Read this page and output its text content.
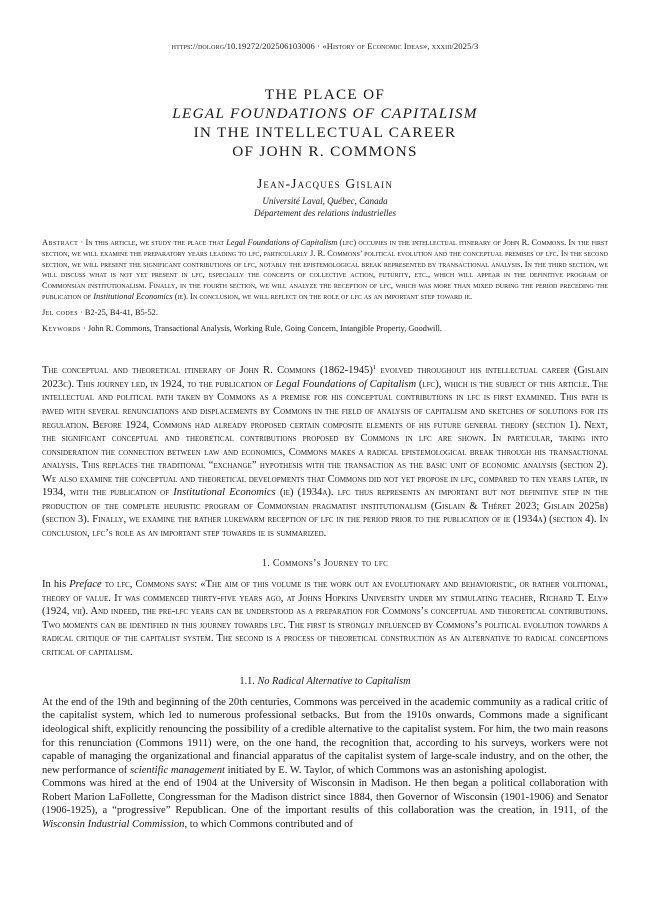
https://doi.org/10.19272/202506103006 · «History of Economic Ideas», xxxiii/2025/3
THE PLACE OF
LEGAL FOUNDATIONS OF CAPITALISM
IN THE INTELLECTUAL CAREER
OF JOHN R. COMMONS
Jean-Jacques Gislain
Université Laval, Québec, Canada
Département des relations industrielles

Abstract · In this article, we study the place that Legal Foundations of Capitalism (lfc) occupies in the intellectual itinerary of John R. Commons. In the first section, we will examine the preparatory years leading to lfc, particularly J. R. Commons’ political evolution and the conceptual premises of lfc. In the second section, we will present the significant contributions of lfc, notably the epistemological break represented by transactional analysis. In the third section, we will discuss what is not yet present in lfc, especially the concepts of collective action, futurity, etc., which will appear in the definitive program of Commonsian institutionalism. Finally, in the fourth section, we will analyze the reception of lfc, which was more than mixed during the period preceding the publication of Institutional Economics (ie). In conclusion, we will reflect on the role of lfc as an important step toward ie.

Jel codes · B2-25, B4-41, B5-52.
Keywords · John R. Commons, Transactional Analysis, Working Rule, Going Concern, Intangible Property, Goodwill.

The conceptual and theoretical itinerary of John R. Commons (1862-1945)$^1$ evolved throughout his intellectual career (Gislain 2023c). This journey led, in 1924, to the publication of Legal Foundations of Capitalism (lfc), which is the subject of this article. The intellectual and political path taken by Commons as a premise for his conceptual contributions in lfc is first examined. This path is paved with several renunciations and displacements by Commons in the field of analysis of capitalism and sketches of solutions for its regulation. Before 1924, Commons had already proposed certain composite elements of his future general theory (section 1). Next, the significant conceptual and theoretical contributions proposed by Commons in lfc are shown. In particular, taking into consideration the connection between law and economics, Commons makes a radical epistemological break through his transactional analysis. This replaces the traditional “exchange” hypothesis with the transaction as the basic unit of economic analysis (section 2). We also examine the conceptual and theoretical developments that Commons did not yet propose in lfc, compared to ten years later, in 1934, with the publication of Institutional Economics (ie) (1934a). lfc thus represents an important but not definitive step in the production of the complete heuristic program of Commonsian pragmatist institutionalism (Gislain & Théret 2023; Gislain 2025b) (section 3). Finally, we examine the rather lukewarm reception of lfc in the period prior to the publication of ie (1934a) (section 4). In conclusion, lfc’s role as an important step towards ie is summarized.

1. Commons’s Journey to lfc

In his Preface to lfc, Commons says: «The aim of this volume is the work out an evolutionary and behavioristic, or rather volitional, theory of value. It was commenced thirty-five years ago, at Johns Hopkins University under my stimulating teacher, Richard T. Ely» (1924, vii). And indeed, the pre-lfc years can be understood as a preparation for Commons’s conceptual and theoretical contributions. Two moments can be identified in this journey towards lfc. The first is strongly influenced by Commons’s political evolution towards a radical critique of the capitalist system. The second is a process of theoretical construction as an alternative to radical conceptions critical of capitalism.

1.1. No Radical Alternative to Capitalism

At the end of the 19th and beginning of the 20th centuries, Commons was perceived in the academic community as a radical critic of the capitalist system, which led to numerous professional setbacks. But from the 1910s onwards, Commons made a significant ideological shift, explicitly renouncing the possibility of a credible alternative to the capitalist system. For him, the two main reasons for this renunciation (Commons 1911) were, on the one hand, the recognition that, according to his surveys, workers were not capable of managing the organizational and financial apparatus of the capitalist system of large-scale industry, and on the other, the new performance of scientific management initiated by E. W. Taylor, of which Commons was an astonishing apologist.

Commons was hired at the end of 1904 at the University of Wisconsin in Madison. He then began a political collaboration with Robert Marion LaFollette, Congressman for the Madison district since 1884, then Governor of Wisconsin (1901-1906) and Senator (1906-1925), a “progressive” Republican. One of the important results of this collaboration was the creation, in 1911, of the Wisconsin Industrial Commission, to which Commons contributed and of
